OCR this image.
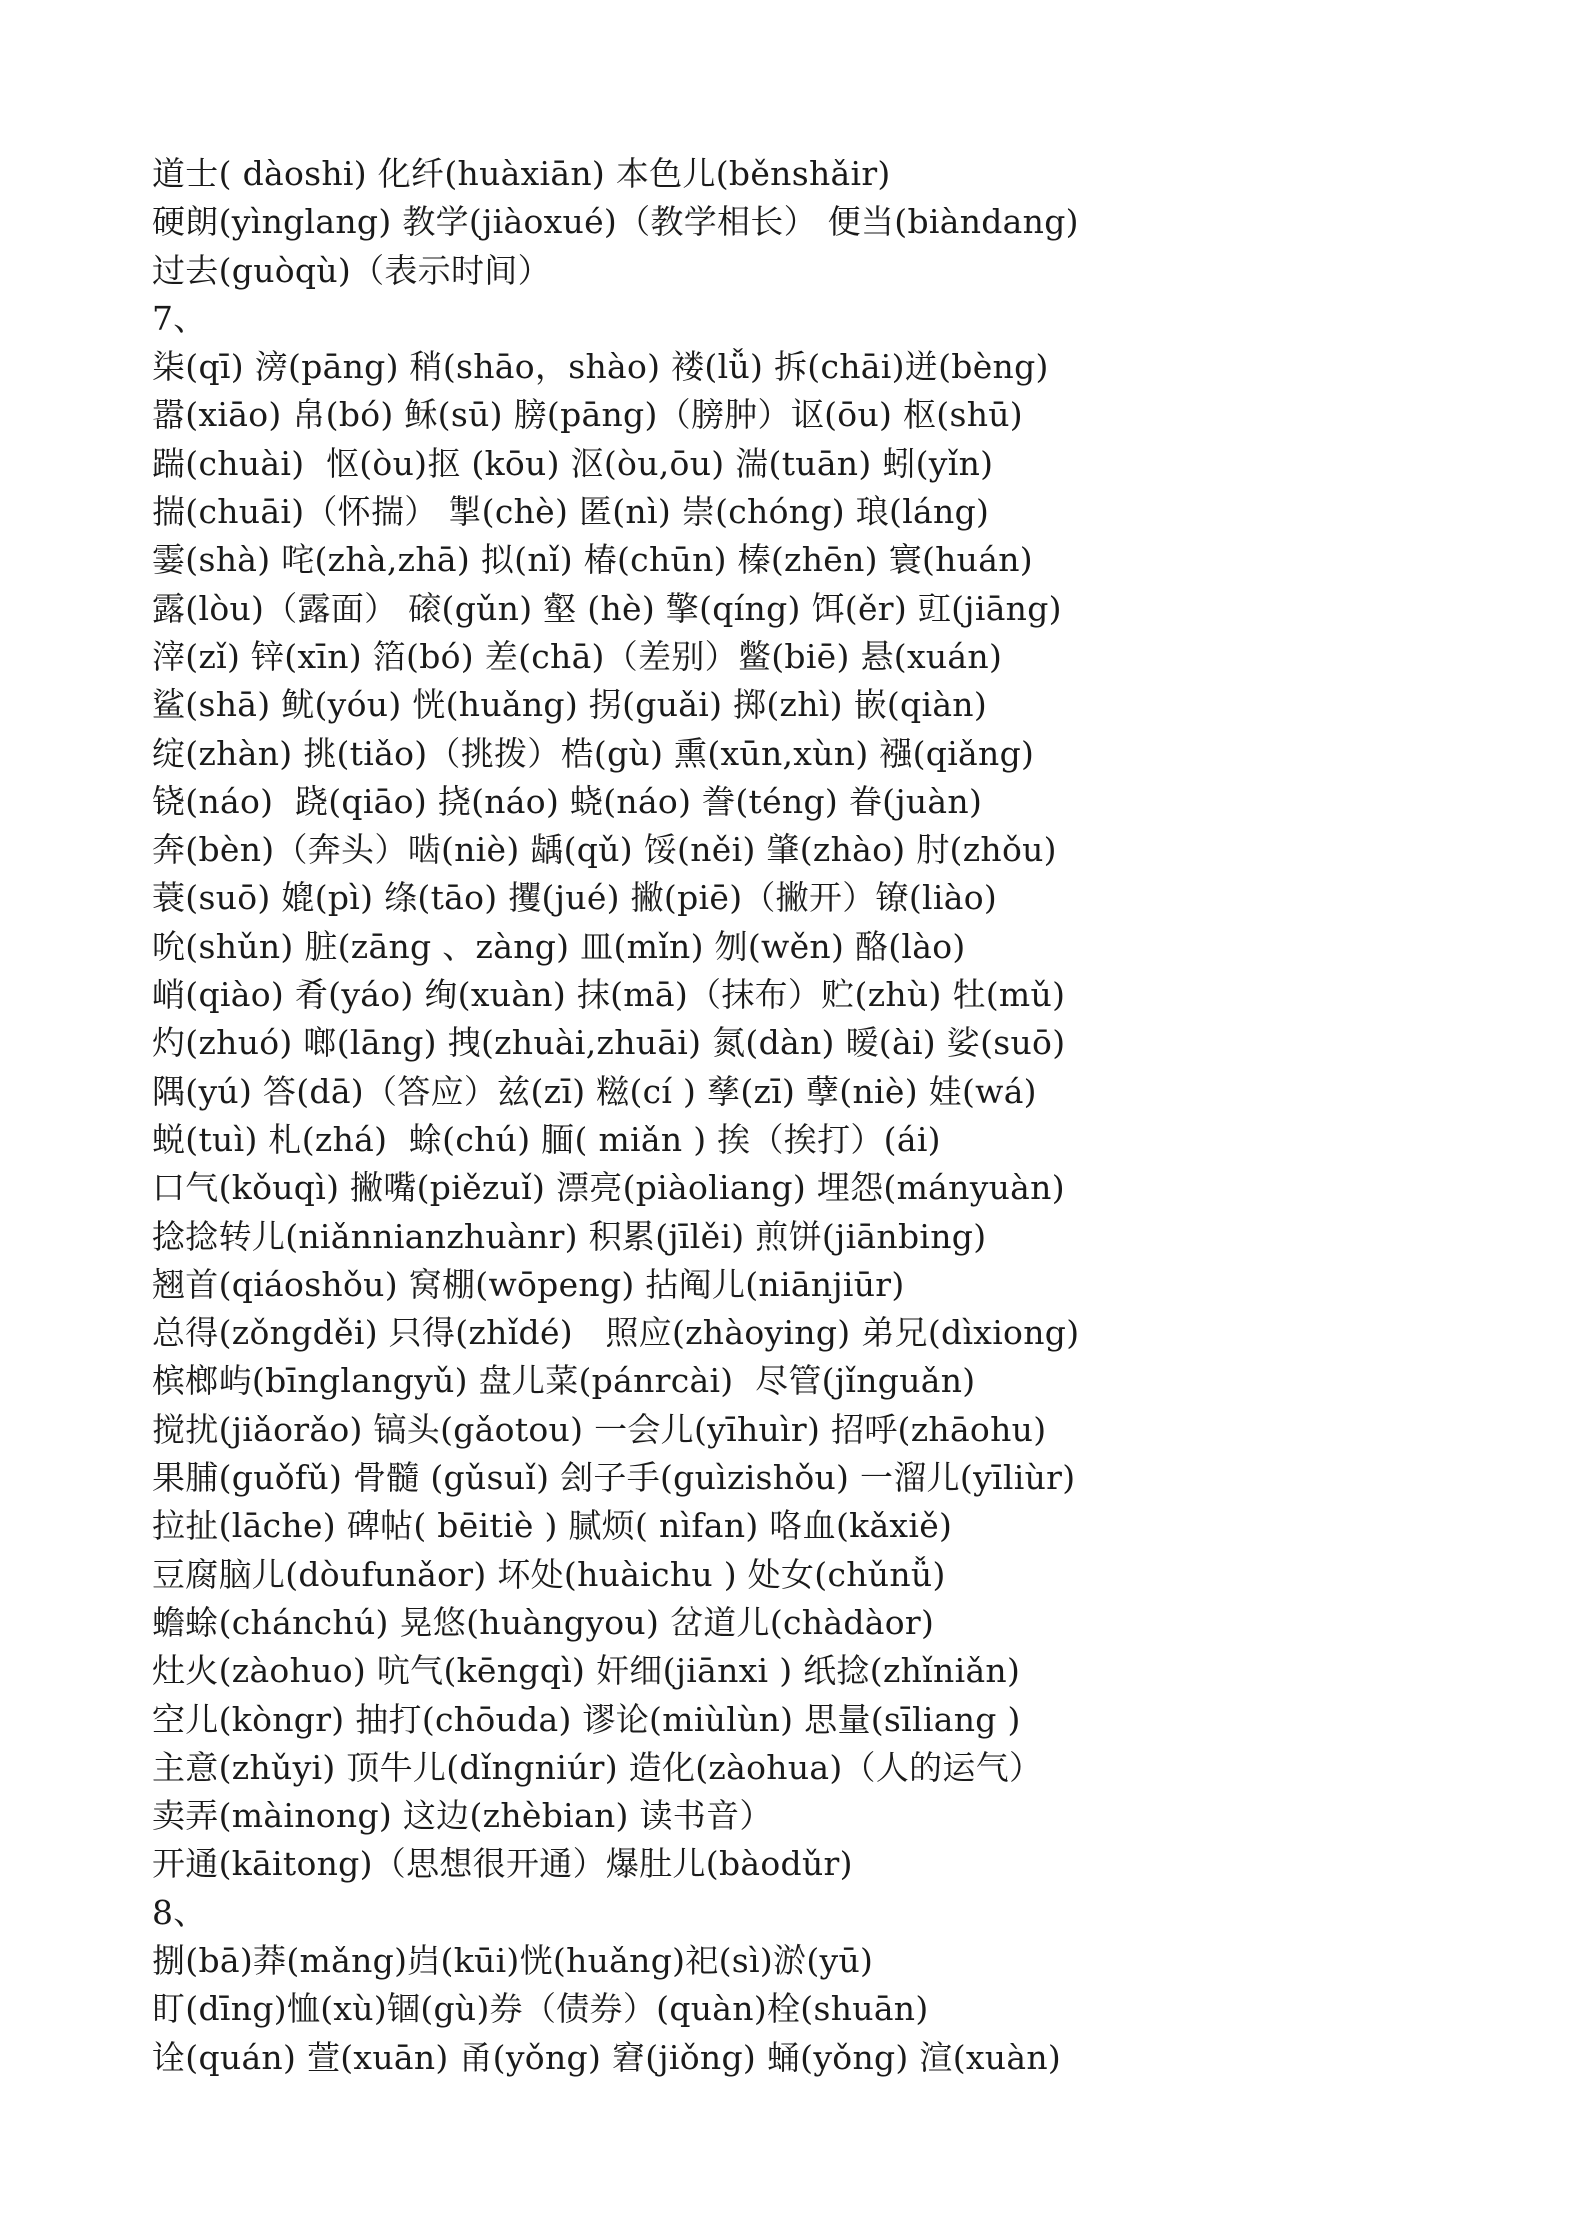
道士( dàoshi) 化纤(huàxiān) 本色儿(běnshǎir)
硬朗(yìnglang) 教学(jiàoxué)（教学相长） 便当(biàndang)
过去(guòqù)（表示时间）
7、
柒(qī) 滂(pāng) 稍(shāo，shào) 褛(lǚ) 拆(chāi)迸(bèng)
嚣(xiāo) 帛(bó) 稣(sū) 膀(pāng)（膀肿）讴(ōu) 枢(shū)
踹(chuài)  怄(òu)抠 (kōu) 沤(òu,ōu) 湍(tuān) 蚓(yǐn)
揣(chuāi)（怀揣） 掣(chè) 匿(nì) 崇(chóng) 琅(láng)
霎(shà) 咤(zhà,zhā) 拟(nǐ) 椿(chūn) 榛(zhēn) 寰(huán)
露(lòu)（露面） 磙(gǔn) 壑 (hè) 擎(qíng) 饵(ěr) 豇(jiāng)
滓(zǐ) 锌(xīn) 箔(bó) 差(chā)（差别）鳖(biē) 悬(xuán)
鲨(shā) 鱿(yóu) 恍(huǎng) 拐(guǎi) 掷(zhì) 嵌(qiàn)
绽(zhàn) 挑(tiǎo)（挑拨）梏(gù) 熏(xūn,xùn) 襁(qiǎng)
铙(náo)  跷(qiāo) 挠(náo) 蛲(náo) 誊(téng) 眷(juàn)
奔(bèn)（奔头）啮(niè) 龋(qǔ) 馁(něi) 肇(zhào) 肘(zhǒu)
蓑(suō) 媲(pì) 绦(tāo) 攫(jué) 撇(piē)（撇开）镣(liào)
吮(shǔn) 脏(zāng 、zàng) 皿(mǐn) 刎(wěn) 酪(lào)
峭(qiào) 肴(yáo) 绚(xuàn) 抹(mā)（抹布）贮(zhù) 牡(mǔ)
灼(zhuó) 啷(lāng) 拽(zhuài,zhuāi) 氮(dàn) 暧(ài) 娑(suō)
隅(yú) 答(dā)（答应）兹(zī) 糍(cí ) 孳(zī) 孽(niè) 娃(wá)
蜕(tuì) 札(zhá)  蜍(chú) 腼( miǎn ) 挨（挨打）(ái)
口气(kǒuqì) 撇嘴(piězuǐ) 漂亮(piàoliang) 埋怨(mányuàn)
捻捻转儿(niǎnnianzhuànr) 积累(jīlěi) 煎饼(jiānbing)
翘首(qiáoshǒu) 窝棚(wōpeng) 拈阄儿(niānjiūr)
总得(zǒngděi) 只得(zhǐdé)   照应(zhàoying) 弟兄(dìxiong)
槟榔屿(bīnglangyǔ) 盘儿菜(pánrcài)  尽管(jǐnguǎn)
搅扰(jiǎorǎo) 镐头(gǎotou) 一会儿(yīhuìr) 招呼(zhāohu)
果脯(guǒfǔ) 骨髓 (gǔsuǐ) 刽子手(guìzishǒu) 一溜儿(yīliùr)
拉扯(lāche) 碑帖( bēitiè ) 腻烦( nìfan) 咯血(kǎxiě)
豆腐脑儿(dòufunǎor) 坏处(huàichu ) 处女(chǔnǚ)
蟾蜍(chánchú) 晃悠(huàngyou) 岔道儿(chàdàor)
灶火(zàohuo) 吭气(kēngqì) 奸细(jiānxi ) 纸捻(zhǐniǎn)
空儿(kòngr) 抽打(chōuda) 谬论(miùlùn) 思量(sīliang )
主意(zhǔyi) 顶牛儿(dǐngniúr) 造化(zàohua)（人的运气）
卖弄(màinong) 这边(zhèbian) 读书音）
开通(kāitong)（思想很开通）爆肚儿(bàodǔr)
8、
捌(bā)莽(mǎng)岿(kūi)恍(huǎng)祀(sì)淤(yū)
盯(dīng)恤(xù)锢(gù)券（债券）(quàn)栓(shuān)
诠(quán) 萱(xuān) 甬(yǒng) 窘(jiǒng) 蛹(yǒng) 渲(xuàn)
